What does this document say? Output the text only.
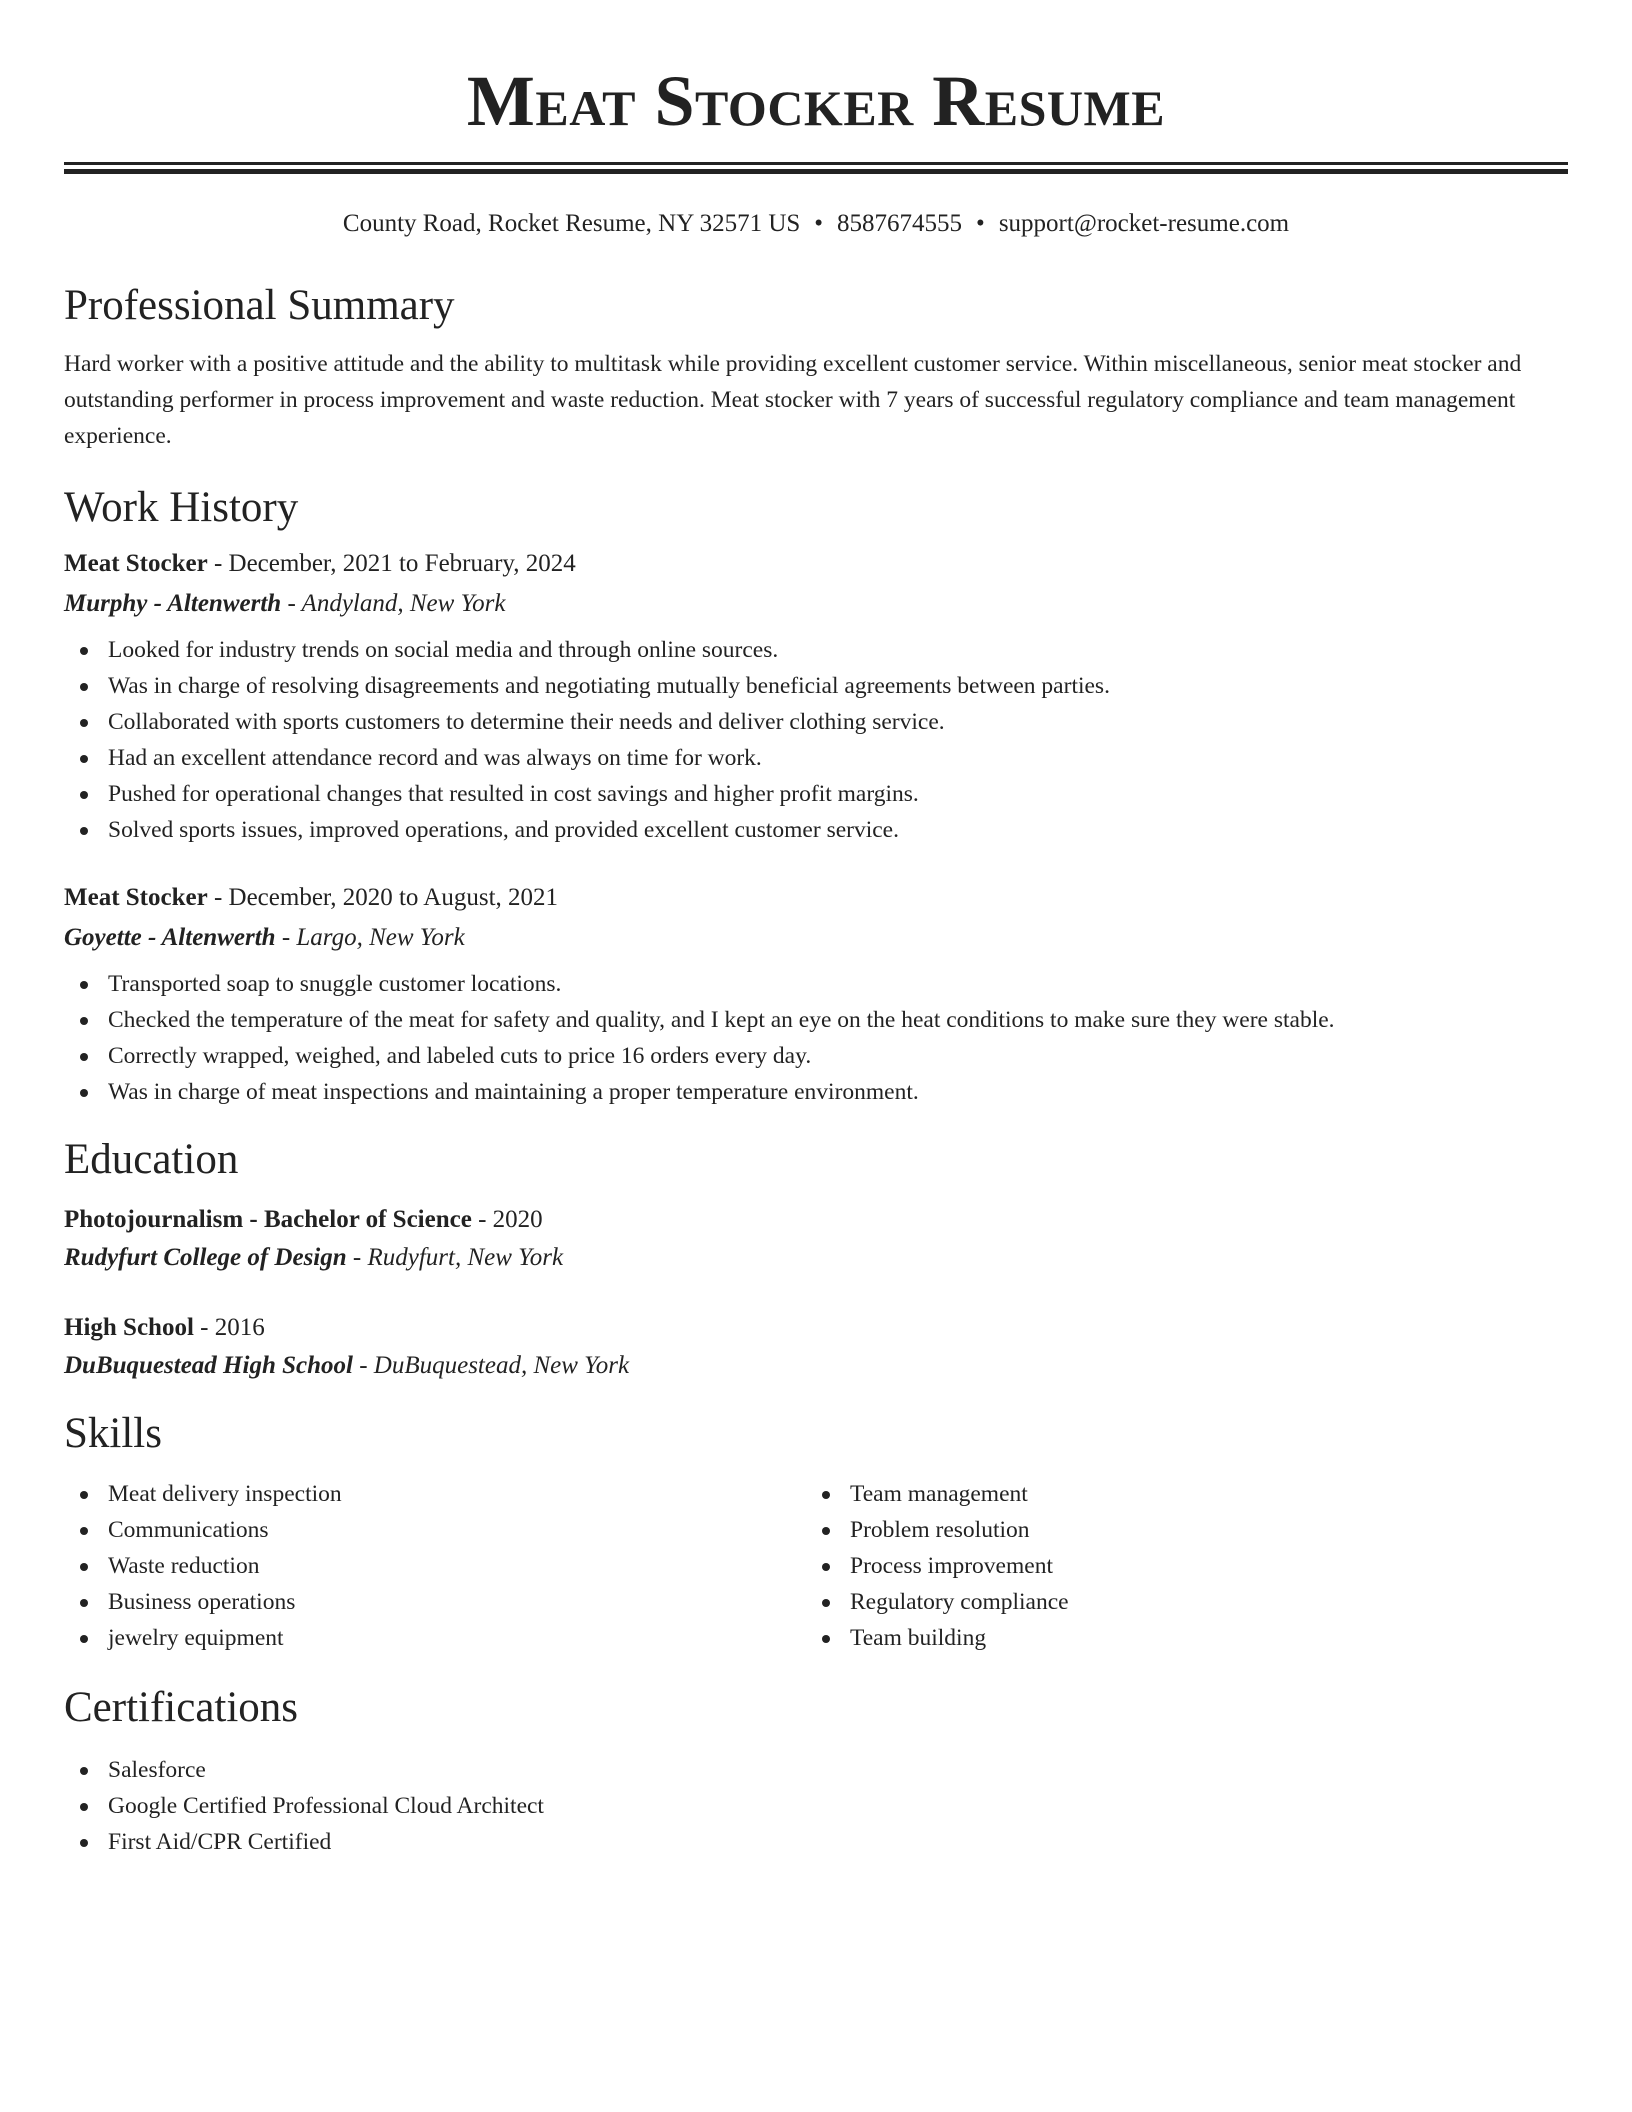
Meat Stocker Resume
County Road, Rocket Resume, NY 32571 US • 8587674555 • support@rocket-resume.com
Professional Summary
Hard worker with a positive attitude and the ability to multitask while providing excellent customer service. Within miscellaneous, senior meat stocker and outstanding performer in process improvement and waste reduction. Meat stocker with 7 years of successful regulatory compliance and team management experience.
Work History
Meat Stocker - December, 2021 to February, 2024
Murphy - Altenwerth - Andyland, New York
Looked for industry trends on social media and through online sources.
Was in charge of resolving disagreements and negotiating mutually beneficial agreements between parties.
Collaborated with sports customers to determine their needs and deliver clothing service.
Had an excellent attendance record and was always on time for work.
Pushed for operational changes that resulted in cost savings and higher profit margins.
Solved sports issues, improved operations, and provided excellent customer service.
Meat Stocker - December, 2020 to August, 2021
Goyette - Altenwerth - Largo, New York
Transported soap to snuggle customer locations.
Checked the temperature of the meat for safety and quality, and I kept an eye on the heat conditions to make sure they were stable.
Correctly wrapped, weighed, and labeled cuts to price 16 orders every day.
Was in charge of meat inspections and maintaining a proper temperature environment.
Education
Photojournalism - Bachelor of Science - 2020
Rudyfurt College of Design - Rudyfurt, New York
High School - 2016
DuBuquestead High School - DuBuquestead, New York
Skills
Meat delivery inspection
Communications
Waste reduction
Business operations
jewelry equipment
Team management
Problem resolution
Process improvement
Regulatory compliance
Team building
Certifications
Salesforce
Google Certified Professional Cloud Architect
First Aid/CPR Certified
